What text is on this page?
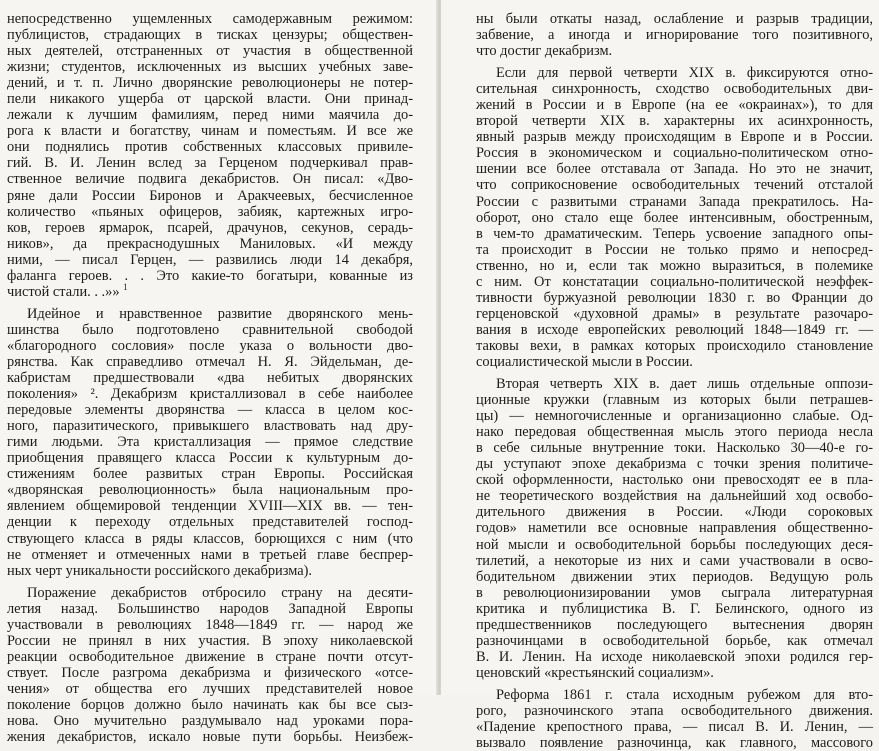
непосредственно ущемленных самодержавным режимом:
публицистов, страдающих в тисках цензуры; обществен-
ных деятелей, отстраненных от участия в общественной
жизни; студентов, исключенных из высших учебных заве-
дений, и т. п. Лично дворянские революционеры не потер-
пели никакого ущерба от царской власти. Они принад-
лежали к лучшим фамилиям, перед ними маячила до-
рога к власти и богатству, чинам и поместьям. И все же
они поднялись против собственных классовых привиле-
гий. В. И. Ленин вслед за Герценом подчеркивал прав-
ственное величие подвига декабристов. Он писал: «Дво-
ряне дали России Биронов и Аракчеевых, бесчисленное
количество «пьяных офицеров, забияк, картежных игро-
ков, героев ярмарок, псарей, драчунов, секунов, серадь-
ников», да прекраснодушных Маниловых. «И между
ними, — писал Герцен, — развились люди 14 декабря,
фаланга героев. . . Это какие-то богатыри, кованные из
чистой стали. . .»» $^1$
Идейное и нравственное развитие дворянского мень-
шинства было подготовлено сравнительной свободой
«благородного сословия» после указа о вольности дво-
рянства. Как справедливо отмечал Н. Я. Эйдельман, де-
кабристам предшествовали «два небитых дворянских
поколения» ². Декабризм кристаллизовал в себе наиболее
передовые элементы дворянства — класса в целом кос-
ного, паразитического, привыкшего властвовать над дру-
гими людьми. Эта кристаллизация — прямое следствие
приобщения правящего класса России к культурным до-
стижениям более развитых стран Европы. Российская
«дворянская революционность» была национальным про-
явлением общемировой тенденции XVIII—XIX вв. — тен-
денции к переходу отдельных представителей господ-
ствующего класса в ряды классов, борющихся с ним (что
не отменяет и отмеченных нами в третьей главе беспрер-
ных черт уникальности российского декабризма).
Поражение декабристов отбросило страну на десяти-
летия назад. Большинство народов Западной Европы
участвовали в революциях 1848—1849 гг. — народ же
России не принял в них участия. В эпоху николаевской
реакции освободительное движение в стране почти отсут-
ствует. После разгрома декабризма и физического «отсе-
чения» от общества его лучших представителей новое
поколение борцов должно было начинать как бы все сыз-
нова. Оно мучительно раздумывало над уроками пора-
жения декабристов, искало новые пути борьбы. Неизбеж-
ны были откаты назад, ослабление и разрыв традиции,
забвение, а иногда и игнорирование того позитивного,
что достиг декабризм.
Если для первой четверти XIX в. фиксируются отно-
сительная синхронность, сходство освободительных дви-
жений в России и в Европе (на ее «окраинах»), то для
второй четверти XIX в. характерны их асинхронность,
явный разрыв между происходящим в Европе и в России.
Россия в экономическом и социально-политическом отно-
шении все более отставала от Запада. Но это не значит,
что соприкосновение освободительных течений отсталой
России с развитыми странами Запада прекратилось. На-
оборот, оно стало еще более интенсивным, обостренным,
в чем-то драматическим. Теперь усвоение западного опы-
та происходит в России не только прямо и непосред-
ственно, но и, если так можно выразиться, в полемике
с ним. От констатации социально-политической неэффек-
тивности буржуазной революции 1830 г. во Франции до
герценовской «духовной драмы» в результате разочаро-
вания в исходе европейских революций 1848—1849 гг. —
таковы вехи, в рамках которых происходило становление
социалистической мысли в России.
Вторая четверть XIX в. дает лишь отдельные оппози-
ционные кружки (главным из которых были петрашев-
цы) — немногочисленные и организационно слабые. Од-
нако передовая общественная мысль этого периода несла
в себе сильные внутренние токи. Насколько 30—40-е го-
ды уступают эпохе декабризма с точки зрения политиче-
ской оформленности, настолько они превосходят ее в пла-
не теоретического воздействия на дальнейший ход освобо-
дительного движения в России. «Люди сороковых
годов» наметили все основные направления общественно-
ной мысли и освободительной борьбы последующих деся-
тилетий, а некоторые из них и сами участвовали в осво-
бодительном движении этих периодов. Ведущую роль
в революционизировании умов сыграла литературная
критика и публицистика В. Г. Белинского, одного из
предшественников последующего вытеснения дворян
разночинцами в освободительной борьбе, как отмечал
В. И. Ленин. На исходе николаевской эпохи родился гер-
ценовский «крестьянский социализм».
Реформа 1861 г. стала исходным рубежом для вто-
рого, разночинского этапа освободительного движения.
«Падение крепостного права, — писал В. И. Ленин, —
вызвало появление разночинца, как главного, массового
